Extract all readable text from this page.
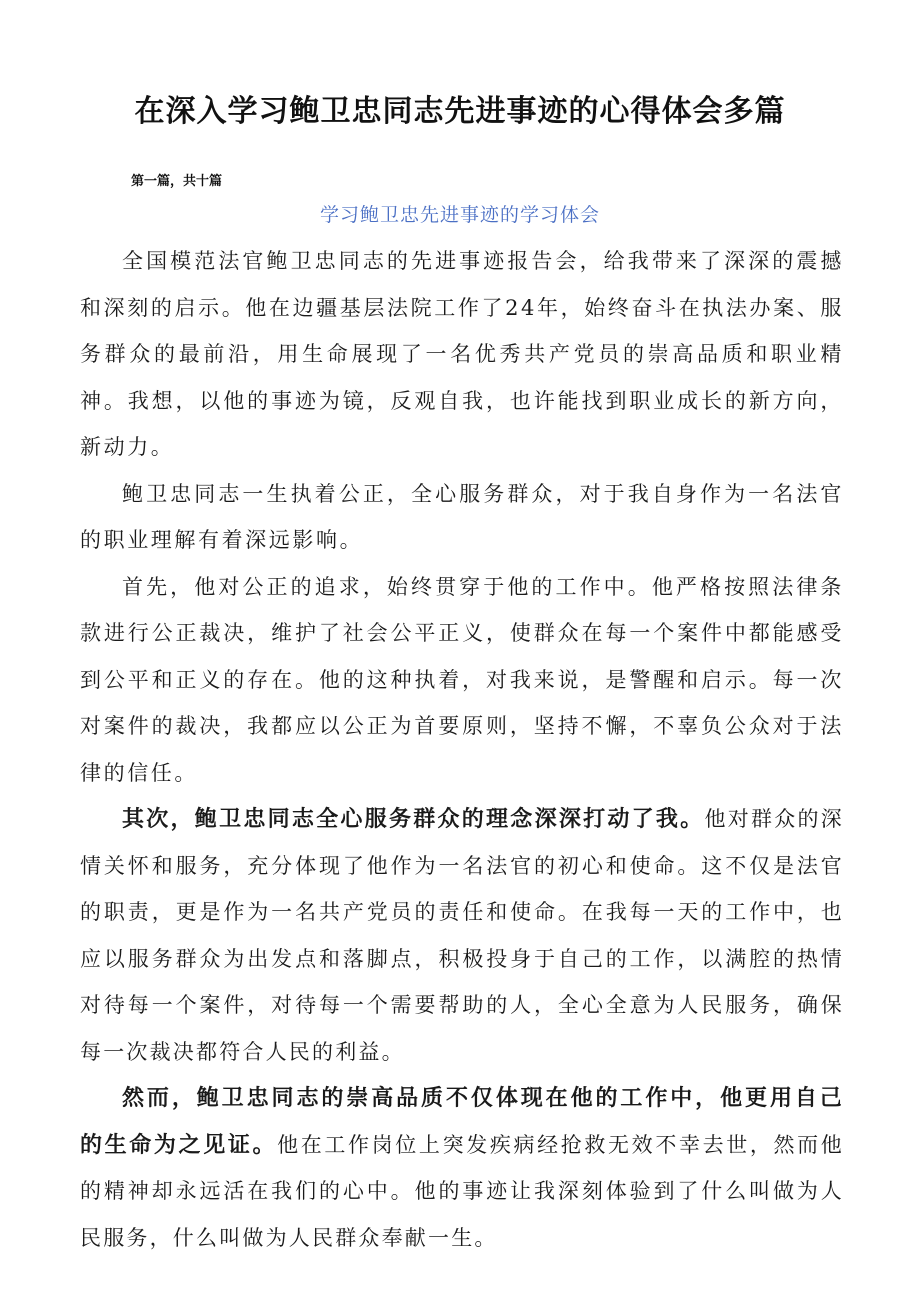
在深入学习鲍卫忠同志先进事迹的心得体会多篇
第一篇，共十篇
学习鲍卫忠先进事迹的学习体会

全国模范法官鲍卫忠同志的先进事迹报告会，给我带来了深深的震撼和深刻的启示。他在边疆基层法院工作了24年，始终奋斗在执法办案、服务群众的最前沿，用生命展现了一名优秀共产党员的崇高品质和职业精神。我想，以他的事迹为镜，反观自我，也许能找到职业成长的新方向，新动力。

鲍卫忠同志一生执着公正，全心服务群众，对于我自身作为一名法官的职业理解有着深远影响。

首先，他对公正的追求，始终贯穿于他的工作中。他严格按照法律条款进行公正裁决，维护了社会公平正义，使群众在每一个案件中都能感受到公平和正义的存在。他的这种执着，对我来说，是警醒和启示。每一次对案件的裁决，我都应以公正为首要原则，坚持不懈，不辜负公众对于法律的信任。

其次，鲍卫忠同志全心服务群众的理念深深打动了我。他对群众的深情关怀和服务，充分体现了他作为一名法官的初心和使命。这不仅是法官的职责，更是作为一名共产党员的责任和使命。在我每一天的工作中，也应以服务群众为出发点和落脚点，积极投身于自己的工作，以满腔的热情对待每一个案件，对待每一个需要帮助的人，全心全意为人民服务，确保每一次裁决都符合人民的利益。

然而，鲍卫忠同志的崇高品质不仅体现在他的工作中，他更用自己的生命为之见证。他在工作岗位上突发疾病经抢救无效不幸去世，然而他的精神却永远活在我们的心中。他的事迹让我深刻体验到了什么叫做为人民服务，什么叫做为人民群众奉献一生。
